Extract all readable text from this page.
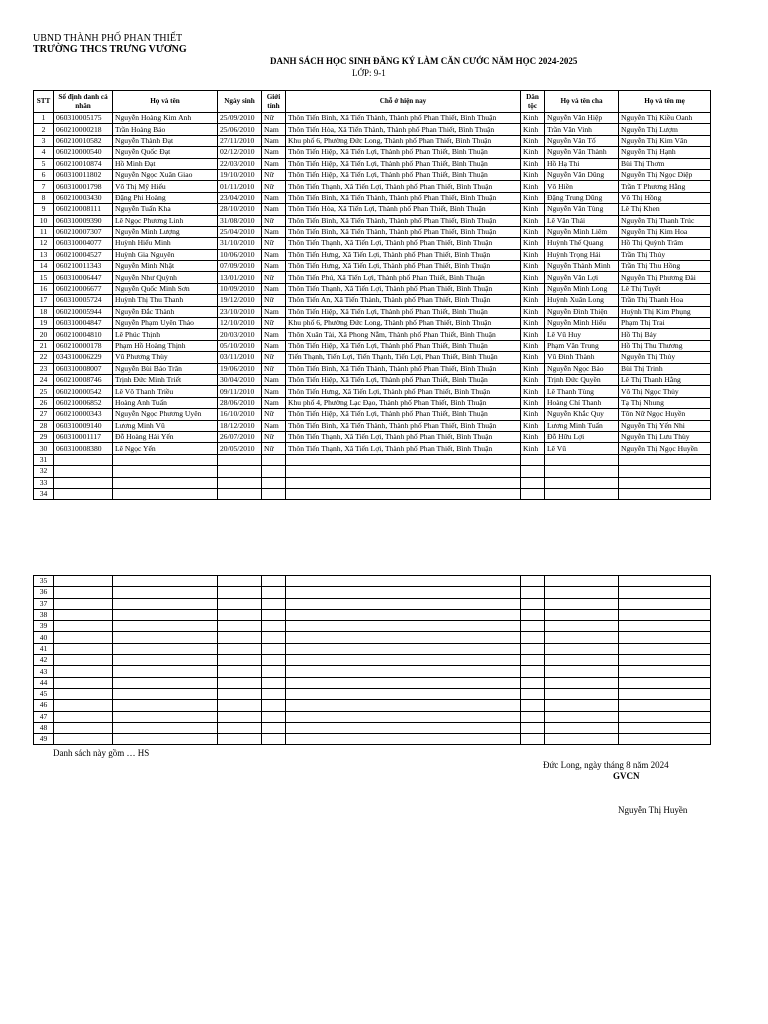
UBND THÀNH PHỐ PHAN THIẾT
TRƯỜNG THCS TRƯNG VƯƠNG
DANH SÁCH HỌC SINH ĐĂNG KÝ LÀM CĂN CƯỚC NĂM HỌC 2024-2025
LỚP: 9-1
STT	Số định danh cá nhân	Họ và tên	Ngày sinh	Giới tính	Chỗ ở hiện nay	Dân tộc	Họ và tên cha	Họ và tên mẹ
1	060310005175	Nguyễn Hoàng Kim Anh	25/09/2010	Nữ	Thôn Tiến Bình, Xã Tiến Thành, Thành phố Phan Thiết, Bình Thuận	Kinh	Nguyễn Văn Hiệp	Nguyễn Thị Kiều Oanh
2	060210000218	Trần Hoàng Bảo	25/06/2010	Nam	Thôn Tiến Hòa, Xã Tiến Thành, Thành phố Phan Thiết, Bình Thuận	Kinh	Trần Văn Vinh	Nguyễn Thị Lượm
3	060210010582	Nguyễn Thành Đạt	27/11/2010	Nam	Khu phố 6, Phường Đức Long, Thành phố Phan Thiết, Bình Thuận	Kinh	Nguyễn Văn Tố	Nguyễn Thị Kim Vân
4	060210000540	Nguyễn Quốc Đạt	02/12/2010	Nam	Thôn Tiến Hiệp, Xã Tiến Lợi, Thành phố Phan Thiết, Bình Thuận	Kinh	Nguyễn Văn Thành	Nguyễn Thị Hạnh
5	060210010874	Hồ Minh Đạt	22/03/2010	Nam	Thôn Tiến Hiệp, Xã Tiến Lợi, Thành phố Phan Thiết, Bình Thuận	Kinh	Hồ Hạ Thi	Bùi Thị Thơm
6	060310011802	Nguyễn Ngọc Xuân Giao	19/10/2010	Nữ	Thôn Tiến Hiệp, Xã Tiến Lợi, Thành phố Phan Thiết, Bình Thuận	Kinh	Nguyễn Văn Dũng	Nguyễn Thị Ngọc Diệp
7	060310001798	Võ Thị Mỹ Hiếu	01/11/2010	Nữ	Thôn Tiến Thạnh, Xã Tiến Lợi, Thành phố Phan Thiết, Bình Thuận	Kinh	Võ Hiền	Trần T Phương Hằng
8	060210003430	Đặng Phi Hoàng	23/04/2010	Nam	Thôn Tiến Bình, Xã Tiến Thành, Thành phố Phan Thiết, Bình Thuận	Kinh	Đặng Trung Dũng	Võ Thị Hồng
9	060210008111	Nguyễn Tuấn Kha	28/10/2010	Nam	Thôn Tiến Hòa, Xã Tiến Lợi, Thành phố Phan Thiết, Bình Thuận	Kinh	Nguyễn Văn Tùng	Lê Thị Khen
10	060310009390	Lê Ngọc Phương Linh	31/08/2010	Nữ	Thôn Tiến Bình, Xã Tiến Thành, Thành phố Phan Thiết, Bình Thuận	Kinh	Lê Văn Thái	Nguyễn Thị Thanh Trúc
11	060210007307	Nguyễn Minh Lượng	25/04/2010	Nam	Thôn Tiến Bình, Xã Tiến Thành, Thành phố Phan Thiết, Bình Thuận	Kinh	Nguyễn Minh Liêm	Nguyễn Thị Kim Hoa
12	060310004077	Huỳnh Hiểu Minh	31/10/2010	Nữ	Thôn Tiến Thạnh, Xã Tiến Lợi, Thành phố Phan Thiết, Bình Thuận	Kinh	Huỳnh Thế Quang	Hồ Thị Quỳnh Trâm
13	060210004527	Huỳnh Gia Nguyên	10/06/2010	Nam	Thôn Tiến Hưng, Xã Tiến Lợi, Thành phố Phan Thiết, Bình Thuận	Kinh	Huỳnh Trọng Hải	Trần Thị Thủy
14	060210011343	Nguyễn Minh Nhật	07/09/2010	Nam	Thôn Tiến Hưng, Xã Tiến Lợi, Thành phố Phan Thiết, Bình Thuận	Kinh	Nguyễn Thành Minh	Trần Thị Thu Hồng
15	060310006447	Nguyễn Như Quỳnh	13/01/2010	Nữ	Thôn Tiến Phú, Xã Tiến Lợi, Thành phố Phan Thiết, Bình Thuận	Kinh	Nguyễn Văn Lợi	Nguyễn Thị Phương Đài
16	060210006677	Nguyễn Quốc Minh Sơn	10/09/2010	Nam	Thôn Tiến Thạnh, Xã Tiến Lợi, Thành phố Phan Thiết, Bình Thuận	Kinh	Nguyễn Minh Long	Lê Thị Tuyết
17	060310005724	Huỳnh Thị Thu Thanh	19/12/2010	Nữ	Thôn Tiến An, Xã Tiến Thành, Thành phố Phan Thiết, Bình Thuận	Kinh	Huỳnh Xuân Long	Trần Thị Thanh Hoa
18	060210005944	Nguyễn Đắc Thành	23/10/2010	Nam	Thôn Tiến Hiệp, Xã Tiến Lợi, Thành phố Phan Thiết, Bình Thuận	Kinh	Nguyễn Đình Thiện	Huỳnh Thị Kim Phụng
19	060310004847	Nguyễn Phạm Uyên Thảo	12/10/2010	Nữ	Khu phố 6, Phường Đức Long, Thành phố Phan Thiết, Bình Thuận	Kinh	Nguyễn Minh Hiếu	Phạm Thị Trai
20	060210004810	Lê Phúc Thịnh	20/03/2010	Nam	Thôn Xuân Tài, Xã Phong Nẫm, Thành phố Phan Thiết, Bình Thuận	Kinh	Lê Vũ Huy	Hồ Thị Bảy
21	060210000178	Phạm Hồ Hoàng Thịnh	05/10/2010	Nam	Thôn Tiến Hiệp, Xã Tiến Lợi, Thành phố Phan Thiết, Bình Thuận	Kinh	Phạm Văn Trung	Hồ Thị Thu Thương
22	034310006229	Vũ Phương Thùy	03/11/2010	Nữ	Tiến Thạnh, Tiến Lợi, Tiến Thạnh, Tiến Lợi, Phan Thiết, Bình Thuận	Kinh	Vũ Đình Thành	Nguyễn Thị Thủy
23	060310008007	Nguyễn Bùi Bảo Trân	19/06/2010	Nữ	Thôn Tiến Bình, Xã Tiến Thành, Thành phố Phan Thiết, Bình Thuận	Kinh	Nguyễn Ngọc Bảo	Bùi Thị Trinh
24	060210008746	Trịnh Đức Minh Triết	30/04/2010	Nam	Thôn Tiến Hiệp, Xã Tiến Lợi, Thành phố Phan Thiết, Bình Thuận	Kinh	Trịnh Đức Quyền	Lê Thị Thanh Hằng
25	060210000542	Lê Võ Thanh Triều	09/11/2010	Nam	Thôn Tiến Hưng, Xã Tiến Lợi, Thành phố Phan Thiết, Bình Thuận	Kinh	Lê Thanh Tùng	Võ Thị Ngọc Thủy
26	060210006852	Hoàng Anh Tuấn	28/06/2010	Nam	Khu phố 4, Phường Lạc Đạo, Thành phố Phan Thiết, Bình Thuận	Kinh	Hoàng Chí Thanh	Tạ Thị Nhung
27	060210000343	Nguyễn Ngọc Phương Uyên	16/10/2010	Nữ	Thôn Tiến Hiệp, Xã Tiến Lợi, Thành phố Phan Thiết, Bình Thuận	Kinh	Nguyễn Khắc Quy	Tôn Nữ Ngọc Huyền
28	060310009140	Lương Minh Vũ	18/12/2010	Nam	Thôn Tiến Bình, Xã Tiến Thành, Thành phố Phan Thiết, Bình Thuận	Kinh	Lương Minh Tuấn	Nguyễn Thị Yến Nhi
29	060310001117	Đỗ Hoàng Hải Yến	26/07/2010	Nữ	Thôn Tiến Thạnh, Xã Tiến Lợi, Thành phố Phan Thiết, Bình Thuận	Kinh	Đỗ Hữu Lợi	Nguyễn Thị Lưu Thùy
30	060310008380	Lê Ngọc Yến	20/05/2010	Nữ	Thôn Tiến Thạnh, Xã Tiến Lợi, Thành phố Phan Thiết, Bình Thuận	Kinh	Lê Vũ	Nguyễn Thị Ngọc Huyền
31								
32								
33								
34								
35								
36								
37								
38								
39								
40								
41								
42								
43								
44								
45								
46								
47								
48								
49								
Danh sách này gồm … HS
Đức Long, ngày tháng 8 năm 2024
GVCN
Nguyễn Thị Huyền
